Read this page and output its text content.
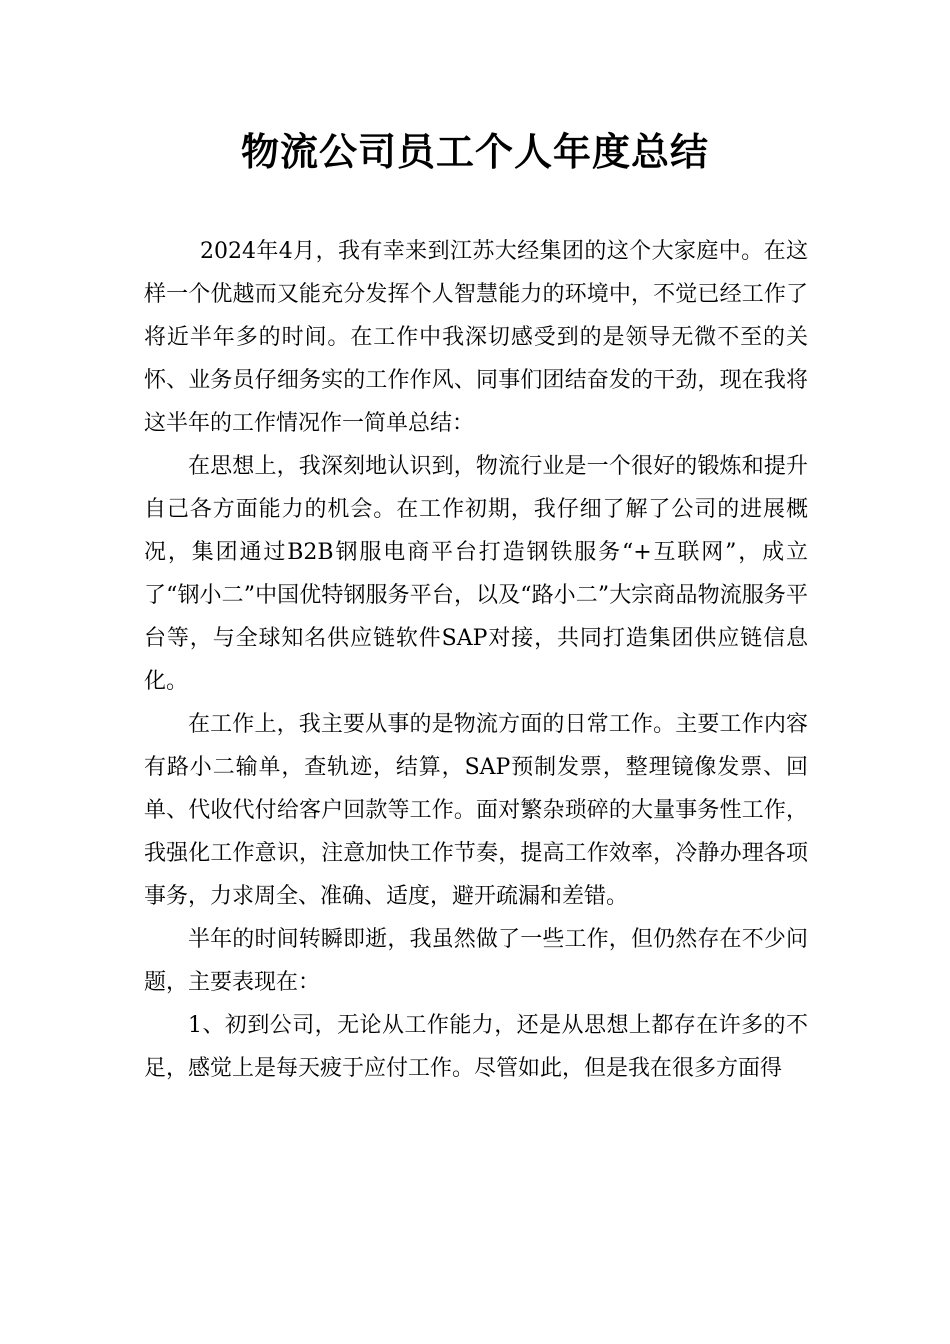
物流公司员工个人年度总结

2024年4月，我有幸来到江苏大经集团的这个大家庭中。在这样一个优越而又能充分发挥个人智慧能力的环境中，不觉已经工作了将近半年多的时间。在工作中我深切感受到的是领导无微不至的关怀、业务员仔细务实的工作作风、同事们团结奋发的干劲，现在我将这半年的工作情况作一简单总结：

在思想上，我深刻地认识到，物流行业是一个很好的锻炼和提升自己各方面能力的机会。在工作初期，我仔细了解了公司的进展概况，集团通过B2B钢服电商平台打造钢铁服务“+互联网”，成立了“钢小二”中国优特钢服务平台，以及“路小二”大宗商品物流服务平台等，与全球知名供应链软件SAP对接，共同打造集团供应链信息化。

在工作上，我主要从事的是物流方面的日常工作。主要工作内容有路小二输单，查轨迹，结算，SAP预制发票，整理镜像发票、回单、代收代付给客户回款等工作。面对繁杂琐碎的大量事务性工作，我强化工作意识，注意加快工作节奏，提高工作效率，冷静办理各项事务，力求周全、准确、适度，避开疏漏和差错。

半年的时间转瞬即逝，我虽然做了一些工作，但仍然存在不少问题，主要表现在：

1、初到公司，无论从工作能力，还是从思想上都存在许多的不足，感觉上是每天疲于应付工作。尽管如此，但是我在很多方面得
